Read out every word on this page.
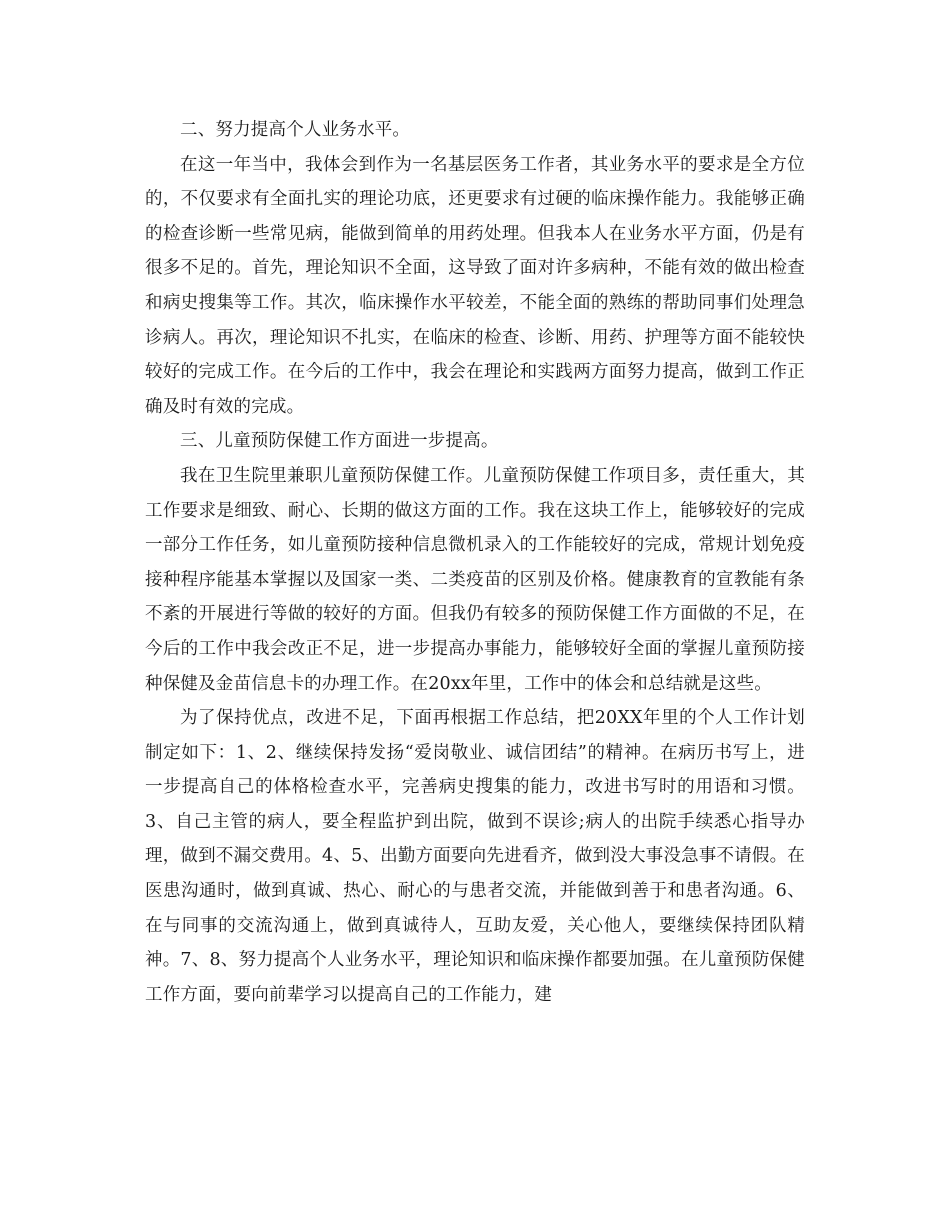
二、努力提高个人业务水平。

在这一年当中，我体会到作为一名基层医务工作者，其业务水平的要求是全方位的，不仅要求有全面扎实的理论功底，还更要求有过硬的临床操作能力。我能够正确的检查诊断一些常见病，能做到简单的用药处理。但我本人在业务水平方面，仍是有很多不足的。首先，理论知识不全面，这导致了面对许多病种，不能有效的做出检查和病史搜集等工作。其次，临床操作水平较差，不能全面的熟练的帮助同事们处理急诊病人。再次，理论知识不扎实，在临床的检查、诊断、用药、护理等方面不能较快较好的完成工作。在今后的工作中，我会在理论和实践两方面努力提高，做到工作正确及时有效的完成。

三、儿童预防保健工作方面进一步提高。

我在卫生院里兼职儿童预防保健工作。儿童预防保健工作项目多，责任重大，其工作要求是细致、耐心、长期的做这方面的工作。我在这块工作上，能够较好的完成一部分工作任务，如儿童预防接种信息微机录入的工作能较好的完成，常规计划免疫接种程序能基本掌握以及国家一类、二类疫苗的区别及价格。健康教育的宣教能有条不紊的开展进行等做的较好的方面。但我仍有较多的预防保健工作方面做的不足，在今后的工作中我会改正不足，进一步提高办事能力，能够较好全面的掌握儿童预防接种保健及金苗信息卡的办理工作。在20xx年里，工作中的体会和总结就是这些。

为了保持优点，改进不足，下面再根据工作总结，把20XX年里的个人工作计划制定如下：1、2、继续保持发扬“爱岗敬业、诚信团结”的精神。在病历书写上，进一步提高自己的体格检查水平，完善病史搜集的能力，改进书写时的用语和习惯。3、自己主管的病人，要全程监护到出院，做到不误诊;病人的出院手续悉心指导办理，做到不漏交费用。4、5、出勤方面要向先进看齐，做到没大事没急事不请假。在医患沟通时，做到真诚、热心、耐心的与患者交流，并能做到善于和患者沟通。6、在与同事的交流沟通上，做到真诚待人，互助友爱，关心他人，要继续保持团队精神。7、8、努力提高个人业务水平，理论知识和临床操作都要加强。在儿童预防保健工作方面，要向前辈学习以提高自己的工作能力，建
